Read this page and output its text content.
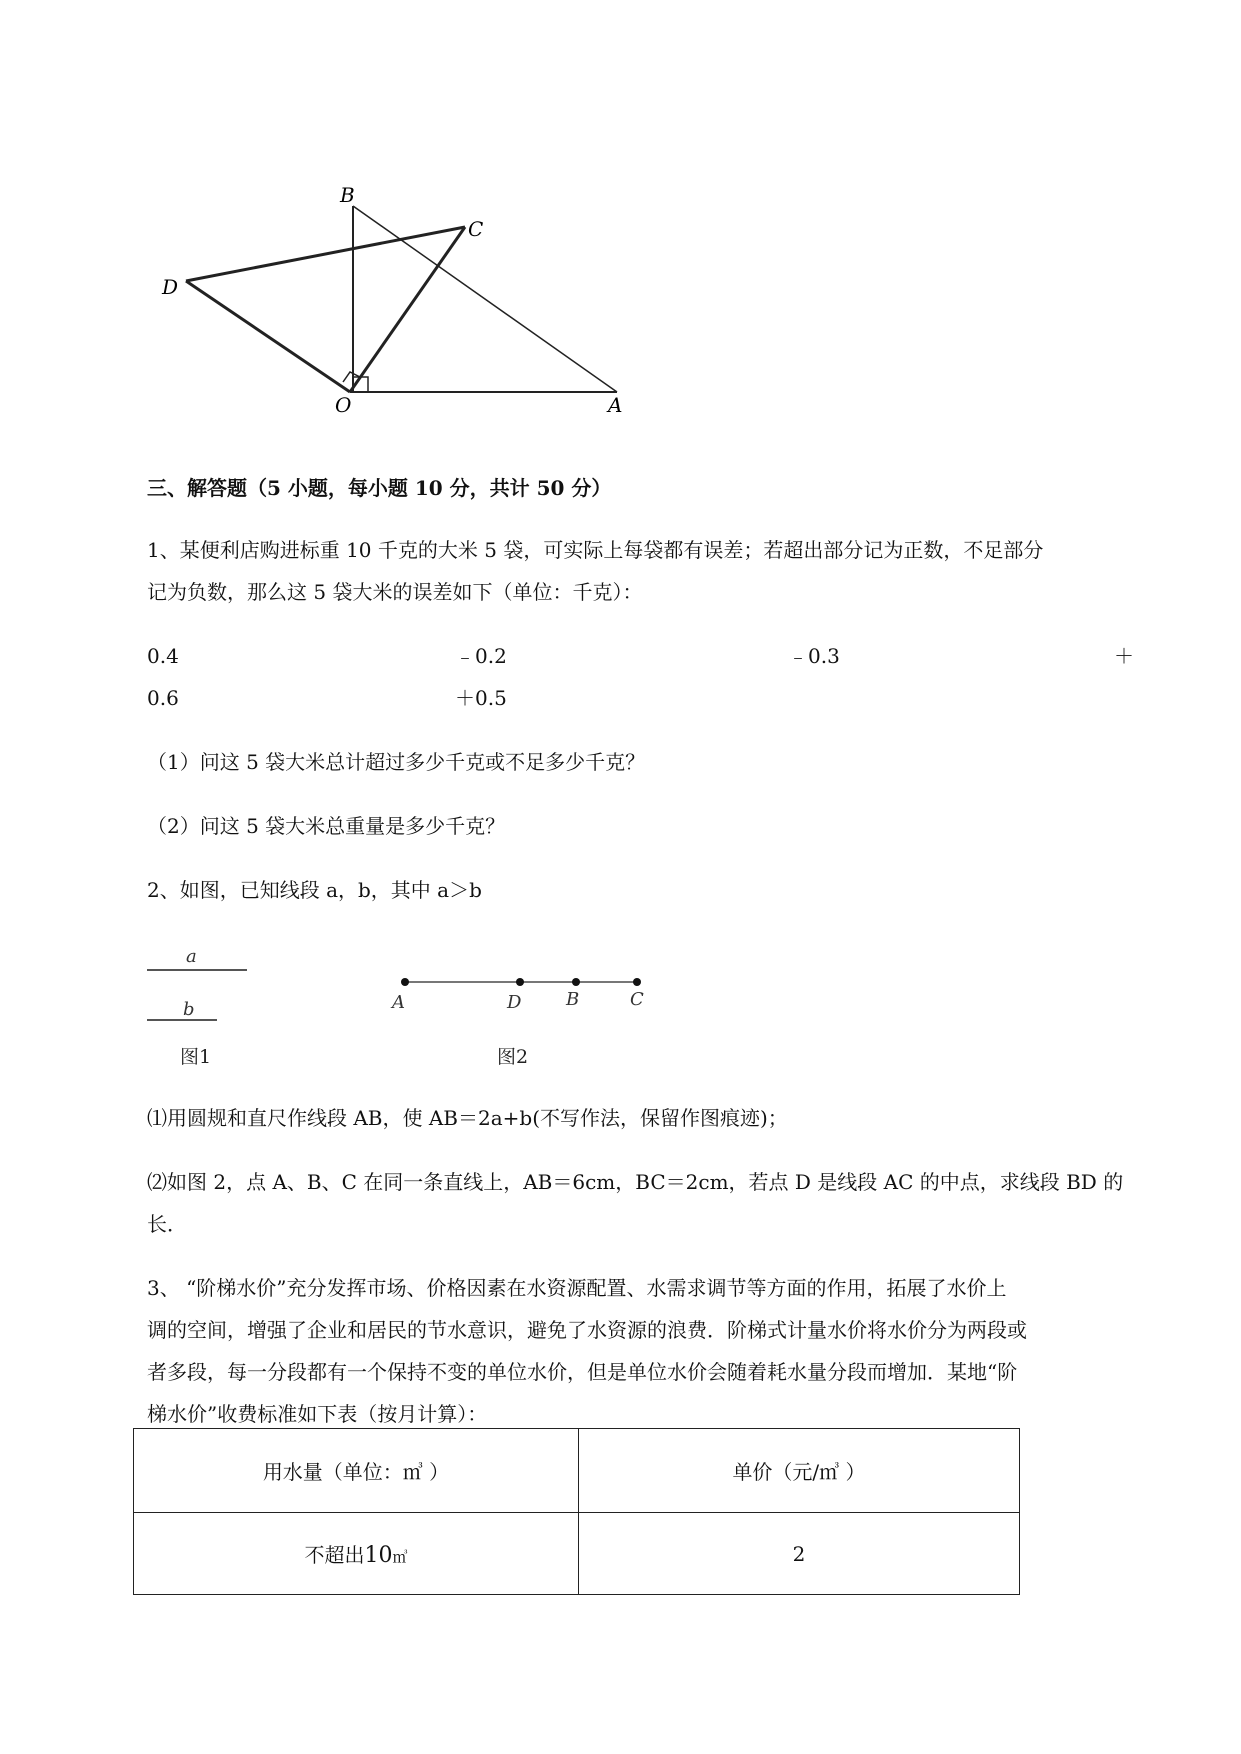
B
C
D
O	A
三、解答题（5 小题，每小题 10 分，共计 50 分）
1、某便利店购进标重 10 千克的大米 5 袋，可实际上每袋都有误差；若超出部分记为正数，不足部分
记为负数，那么这 5 袋大米的误差如下（单位：千克）：
0.4	﹣0.2	﹣0.3	＋
0.6	＋0.5
（1）问这 5 袋大米总计超过多少千克或不足多少千克？
（2）问这 5 袋大米总重量是多少千克？
2、如图，已知线段 a，b，其中 a＞b
a
b
图1
A	D B	C
图2
⑴用圆规和直尺作线段 AB，使 AB＝2a+b(不写作法，保留作图痕迹)；
⑵如图 2，点 A、B、C 在同一条直线上，AB＝6cm，BC＝2cm，若点 D 是线段 AC 的中点，求线段 BD 的
长．
3、 “阶梯水价”充分发挥市场、价格因素在水资源配置、水需求调节等方面的作用，拓展了水价上
调的空间，增强了企业和居民的节水意识，避免了水资源的浪费．阶梯式计量水价将水价分为两段或
者多段，每一分段都有一个保持不变的单位水价，但是单位水价会随着耗水量分段而增加．某地“阶
梯水价”收费标准如下表（按月计算）：
用水量（单位：㎥ ）	单价（元/㎥ ）
不超出10㎥	2
